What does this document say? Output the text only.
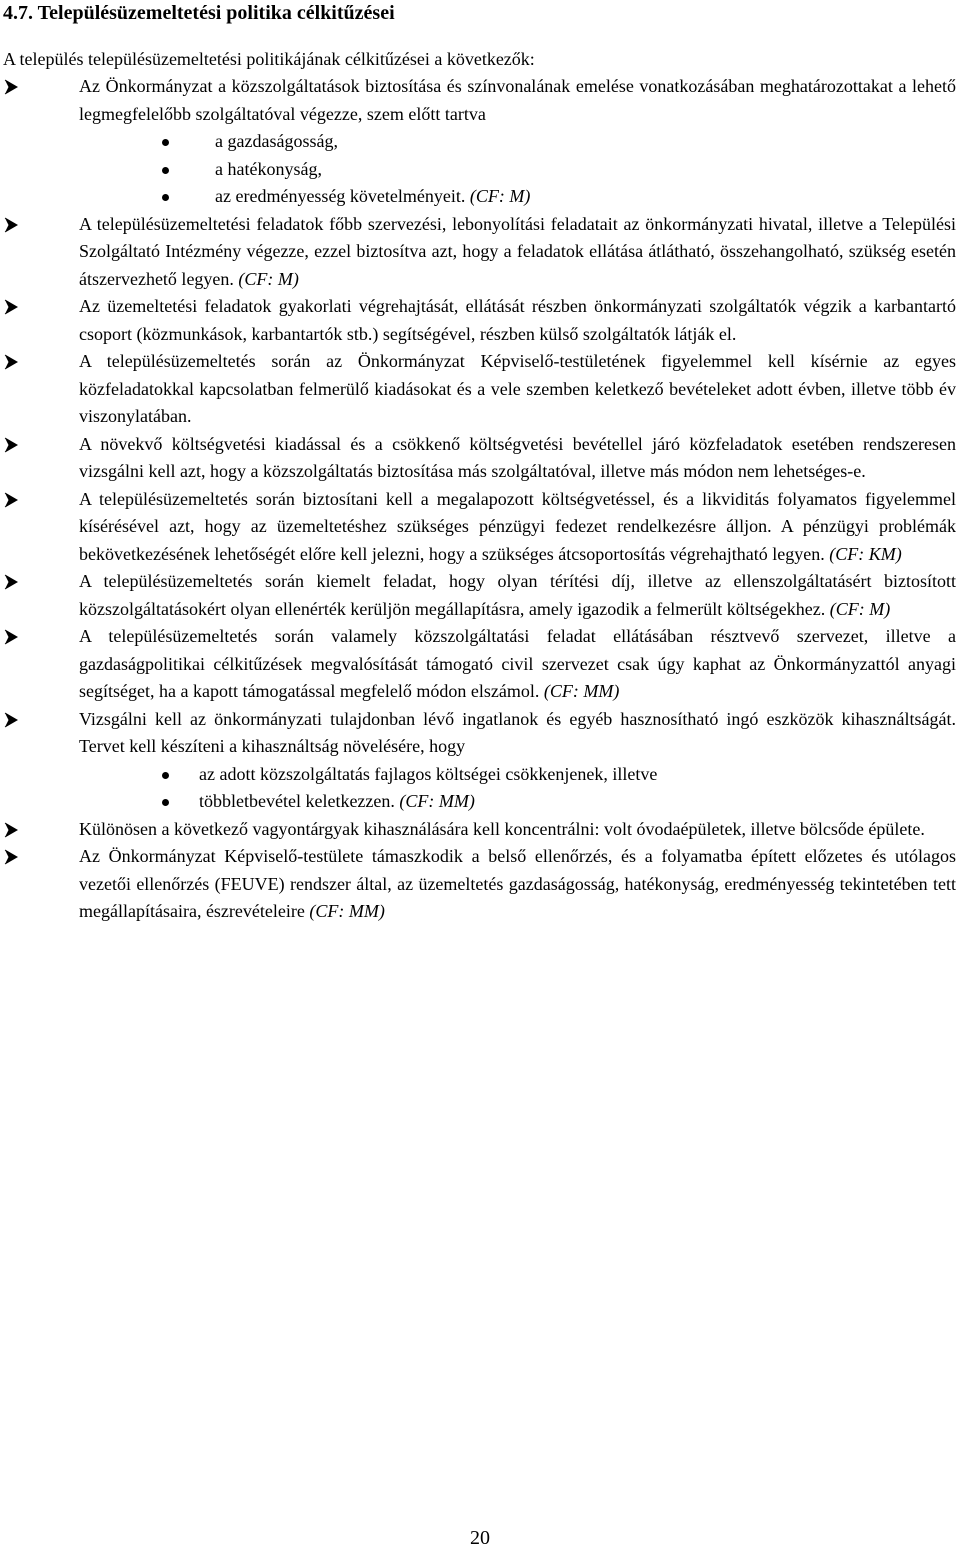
4.7. Településüzemeltetési politika célkitűzései

A település településüzemeltetési politikájának célkitűzései a következők:

Az Önkormányzat a közszolgáltatások biztosítása és színvonalának emelése vonatkozásában meghatározottakat a lehető legmegfelelőbb szolgáltatóval végezze, szem előtt tartva
a gazdaságosság,
a hatékonyság,
az eredményesség követelményeit. (CF: M)
A településüzemeltetési feladatok főbb szervezési, lebonyolítási feladatait az önkormányzati hivatal, illetve a Települési Szolgáltató Intézmény végezze, ezzel biztosítva azt, hogy a feladatok ellátása átlátható, összehangolható, szükség esetén átszervezhető legyen. (CF: M)
Az üzemeltetési feladatok gyakorlati végrehajtását, ellátását részben önkormányzati szolgáltatók végzik a karbantartó csoport (közmunkások, karbantartók stb.) segítségével, részben külső szolgáltatók látják el.
A településüzemeltetés során az Önkormányzat Képviselő-testületének figyelemmel kell kísérnie az egyes közfeladatokkal kapcsolatban felmerülő kiadásokat és a vele szemben keletkező bevételeket adott évben, illetve több év viszonylatában.
A növekvő költségvetési kiadással és a csökkenő költségvetési bevétellel járó közfeladatok esetében rendszeresen vizsgálni kell azt, hogy a közszolgáltatás biztosítása más szolgáltatóval, illetve más módon nem lehetséges-e.
A településüzemeltetés során biztosítani kell a megalapozott költségvetéssel, és a likviditás folyamatos figyelemmel kísérésével azt, hogy az üzemeltetéshez szükséges pénzügyi fedezet rendelkezésre álljon. A pénzügyi problémák bekövetkezésének lehetőségét előre kell jelezni, hogy a szükséges átcsoportosítás végrehajtható legyen. (CF: KM)
A településüzemeltetés során kiemelt feladat, hogy olyan térítési díj, illetve az ellenszolgáltatásért biztosított közszolgáltatásokért olyan ellenérték kerüljön megállapításra, amely igazodik a felmerült költségekhez. (CF: M)
A településüzemeltetés során valamely közszolgáltatási feladat ellátásában résztvevő szervezet, illetve a gazdaságpolitikai célkitűzések megvalósítását támogató civil szervezet csak úgy kaphat az Önkormányzattól anyagi segítséget, ha a kapott támogatással megfelelő módon elszámol. (CF: MM)
Vizsgálni kell az önkormányzati tulajdonban lévő ingatlanok és egyéb hasznosítható ingó eszközök kihasználtságát. Tervet kell készíteni a kihasználtság növelésére, hogy
az adott közszolgáltatás fajlagos költségei csökkenjenek, illetve
többletbevétel keletkezzen. (CF: MM)
Különösen a következő vagyontárgyak kihasználására kell koncentrálni: volt óvodaépületek, illetve bölcsőde épülete.
Az Önkormányzat Képviselő-testülete támaszkodik a belső ellenőrzés, és a folyamatba épített előzetes és utólagos vezetői ellenőrzés (FEUVE) rendszer által, az üzemeltetés gazdaságosság, hatékonyság, eredményesség tekintetében tett megállapításaira, észrevételeire (CF: MM)
20
